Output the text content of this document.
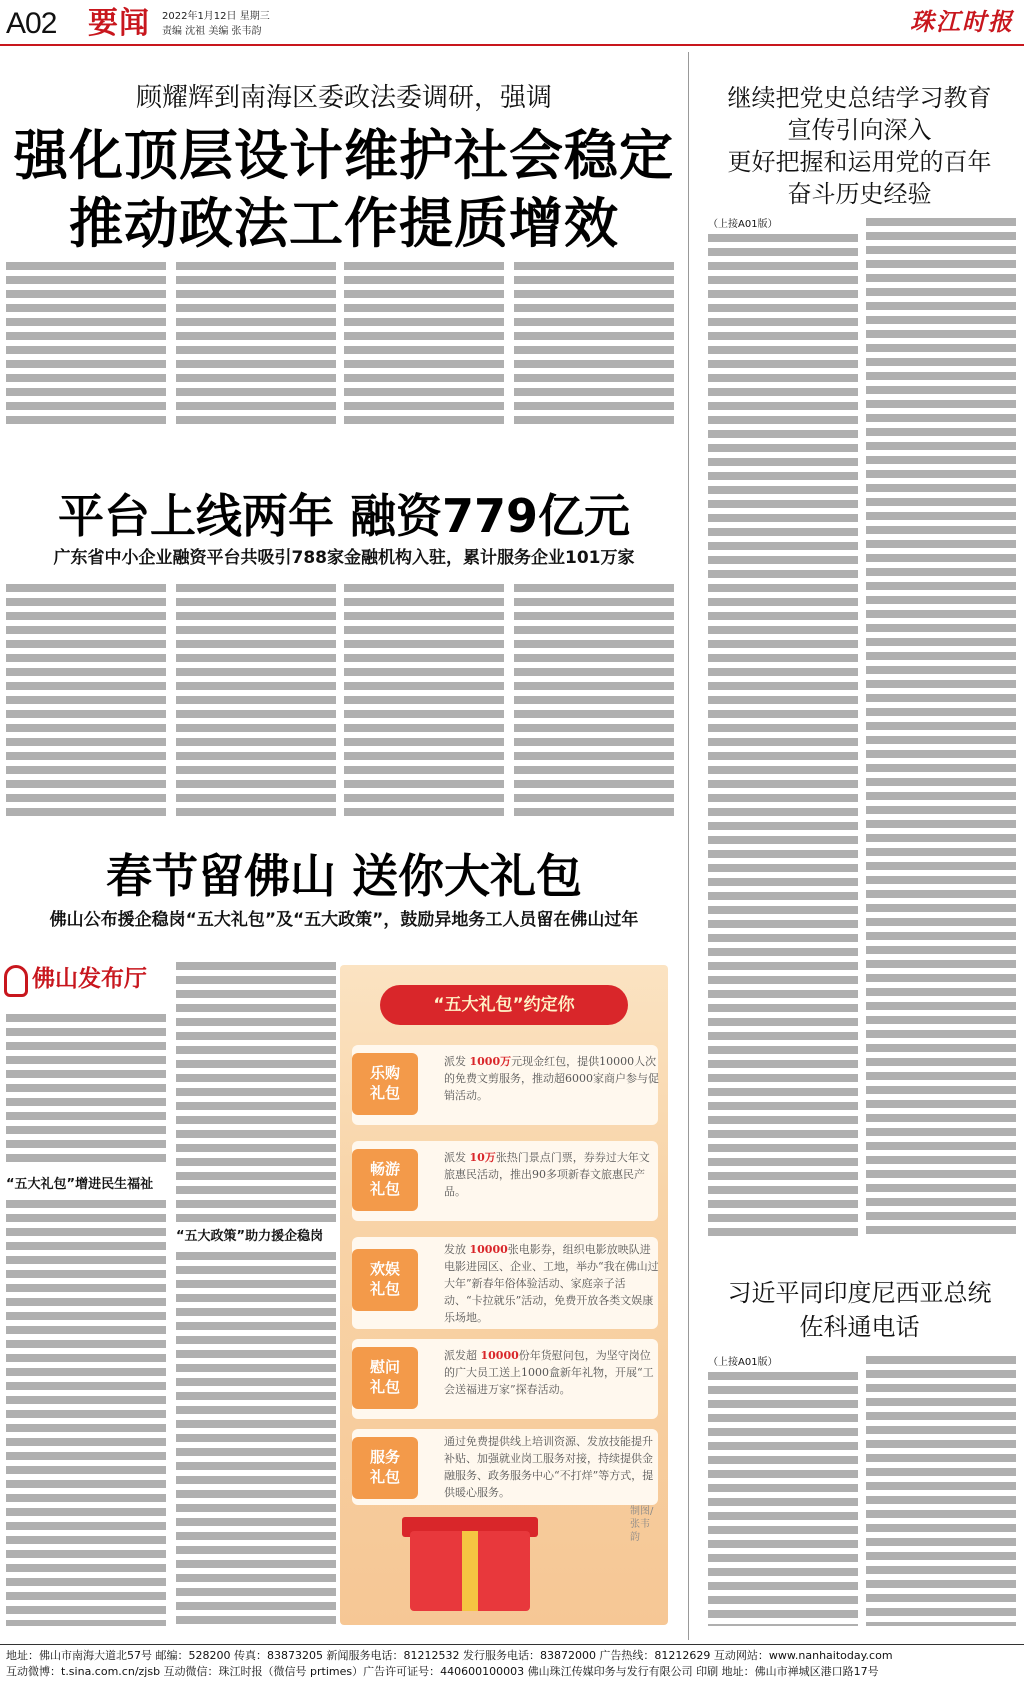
A02 要闻 2022年1月12日 星期三
责编 沈祖 美编 张韦韵	珠江时报
顾耀辉到南海区委政法委调研，强调
强化顶层设计维护社会稳定
推动政法工作提质增效
平台上线两年 融资779亿元
广东省中小企业融资平台共吸引788家金融机构入驻，累计服务企业101万家
春节留佛山 送你大礼包
佛山公布援企稳岗“五大礼包”及“五大政策”，鼓励异地务工人员留在佛山过年
佛山发布厅
“五大礼包”增进民生福祉
“五大政策”助力援企稳岗
“五大礼包”约定你
乐购
礼包
派发 1000万元现金红包，提供10000人次的免费文剪服务，推动超6000家商户参与促销活动。
畅游
礼包
派发 10万张热门景点门票，券券过大年文旅惠民活动，推出90多项新春文旅惠民产品。
欢娱
礼包
发放 10000张电影券，组织电影放映队进电影进园区、企业、工地，举办“我在佛山过大年”新春年俗体验活动、家庭亲子活动、“卡拉就乐”活动，免费开放各类文娱康乐场地。
慰问
礼包
派发超 10000份年货慰问包，为坚守岗位的广大员工送上1000盒新年礼物，开展“工会送福进万家”探春活动。
服务
礼包
通过免费提供线上培训资源、发放技能提升补贴、加强就业岗工服务对接，持续提供金融服务、政务服务中心“不打烊”等方式，提供暖心服务。
制图/张韦韵
继续把党史总结学习教育
宣传引向深入
更好把握和运用党的百年
奋斗历史经验
（上接A01版）
习近平同印度尼西亚总统
佐科通电话
（上接A01版）
地址：佛山市南海大道北57号 邮编：528200 传真：83873205 新闻服务电话：81212532 发行服务电话：83872000 广告热线：81212629 互动网站：www.nanhaitoday.com
互动微博：t.sina.com.cn/zjsb 互动微信：珠江时报（微信号 prtimes）广告许可证号：440600100003 佛山珠江传媒印务与发行有限公司 印刷 地址：佛山市禅城区港口路17号
